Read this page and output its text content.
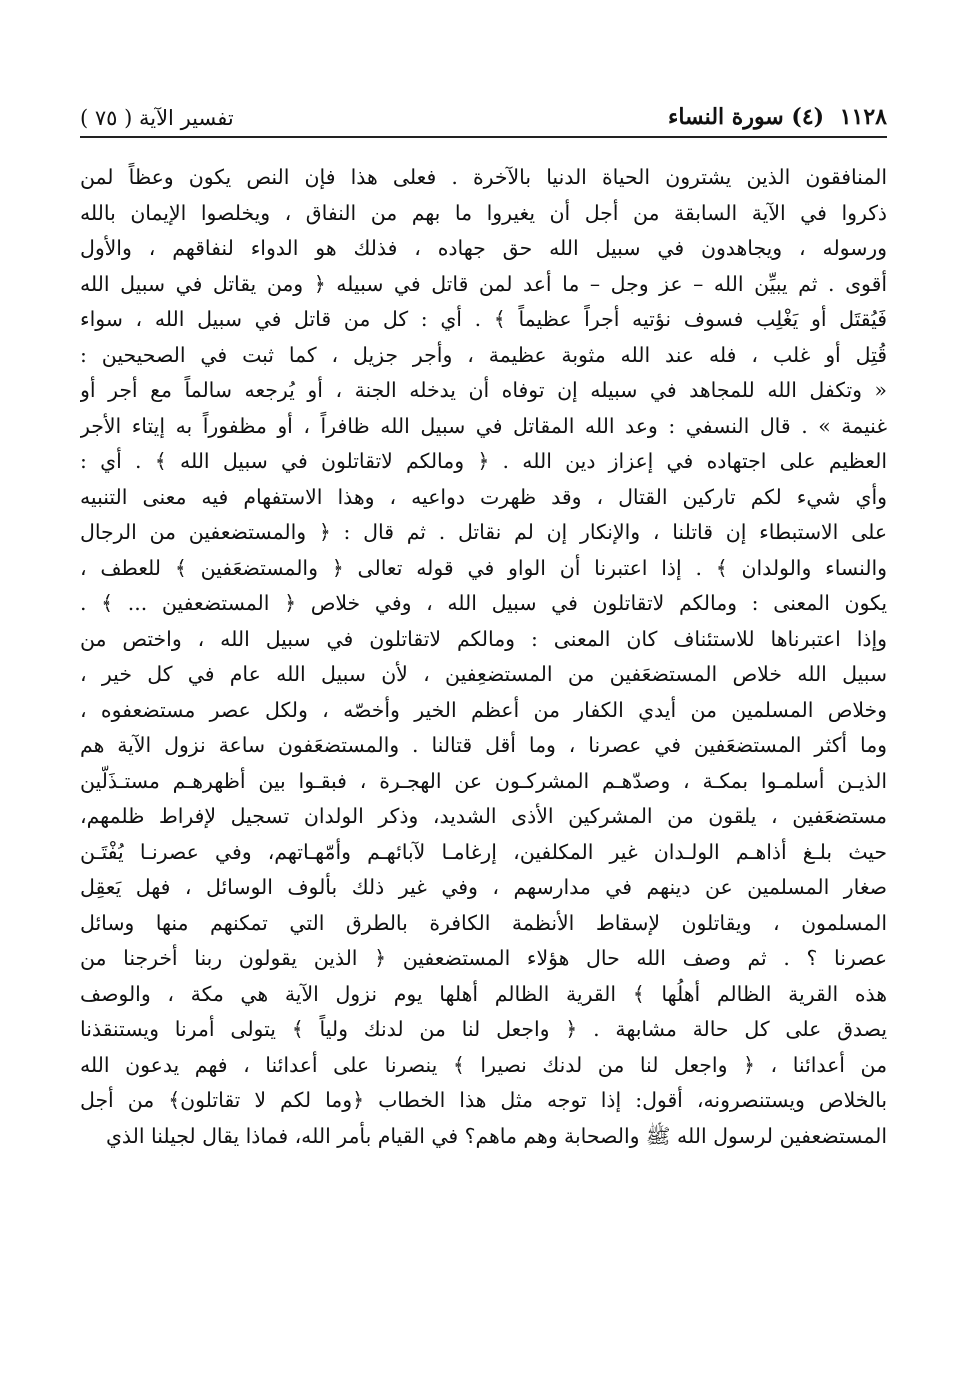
١١٢٨ (٤) سورة النساء
تفسير الآية ( ٧٥ )
المنافقون الذين يشترون الحياة الدنيا بالآخرة . فعلى هذا فإن النص يكون وعظاً لمن
ذكروا في الآية السابقة من أجل أن يغيروا ما بهم من النفاق ، ويخلصوا الإيمان بالله
ورسوله ، ويجاهدون في سبيل الله حق جهاده ، فذلك هو الدواء لنفاقهم ، والأول
أقوى . ثم يبيِّن الله – عز وجل – ما أعد لمن قاتل في سبيله ﴿ ومن يقاتل في سبيل الله
فَيُقتَل أو يَغْلِب فسوف نؤتيه أجراً عظيماً ﴾ . أي : كل من قاتل في سبيل الله ، سواء
قُتِل أو غلب ، فله عند الله مثوبة عظيمة ، وأجر جزيل ، كما ثبت في الصحيحين :
« وتكفل الله للمجاهد في سبيله إن توفاه أن يدخله الجنة ، أو يُرجعه سالماً مع أجر أو
غنيمة » . قال النسفي : وعد الله المقاتل في سبيل الله ظافراً ، أو مظفوراً به إيتاء الأجر
العظيم على اجتهاده في إعزاز دين الله . ﴿ ومالكم لاتقاتلون في سبيل الله ﴾ . أي :
وأي شيء لكم تاركين القتال ، وقد ظهرت دواعيه ، وهذا الاستفهام فيه معنى التنبيه
على الاستبطاء إن قاتلنا ، والإنكار إن لم نقاتل . ثم قال : ﴿ والمستضعفين من الرجال
والنساء والولدان ﴾ . إذا اعتبرنا أن الواو في قوله تعالى ﴿ والمستضعَفين ﴾ للعطف ،
يكون المعنى : ومالكم لاتقاتلون في سبيل الله ، وفي خلاص ﴿ المستضعفين ... ﴾ .
وإذا اعتبرناها للاستئناف كان المعنى : ومالكم لاتقاتلون في سبيل الله ، واختص من
سبيل الله خلاص المستضعَفين من المستضعِفين ، لأن سبيل الله عام في كل خير ،
وخلاص المسلمين من أيدي الكفار من أعظم الخير وأخصّه ، ولكل عصر مستضعفوه ،
وما أكثر المستضعَفين في عصرنا ، وما أقل قتالنا . والمستضعَفون ساعة نزول الآية هم
الذيـن أسلمـوا بمكـة ، وصدّهـم المشركـون عن الهجـرة ، فبقـوا بين أظهرهـم مستـذَلّين
مستضعَفين ، يلقون من المشركين الأذى الشديد، وذكر الولدان تسجيل لإفراط ظلمهم،
حيث بلـغ أذاهـم الولـدان غير المكلفين، إرغامـا لآبائهـم وأمّهـاتهم، وفي عصرنـا يُفْتَـن
صغار المسلمين عن دينهم في مدارسهم ، وفي غير ذلك بألوف الوسائل ، فهل يَعقِل
المسلمون ، ويقاتلون لإسقاط الأنظمة الكافرة بالطرق التي تمكنهم منها وسائل
عصرنا ؟ . ثم وصف الله حال هؤلاء المستضعفين ﴿ الذين يقولون ربنا أخرجنا من
هذه القرية الظالم أهلُها ﴾ القرية الظالم أهلها يوم نزول الآية هي مكة ، والوصف
يصدق على كل حالة مشابهة . ﴿ واجعل لنا من لدنك ولياً ﴾ يتولى أمرنا ويستنقذنا
من أعدائنا ، ﴿ واجعل لنا من لدنك نصيرا ﴾ ينصرنا على أعدائنا ، فهم يدعون الله
بالخلاص ويستنصرونه، أقول: إذا توجه مثل هذا الخطاب ﴿وما لكم لا تقاتلون﴾ من أجل
المستضعفين لرسول الله ﷺ والصحابة وهم ماهم؟ في القيام بأمر الله، فماذا يقال لجيلنا الذي
